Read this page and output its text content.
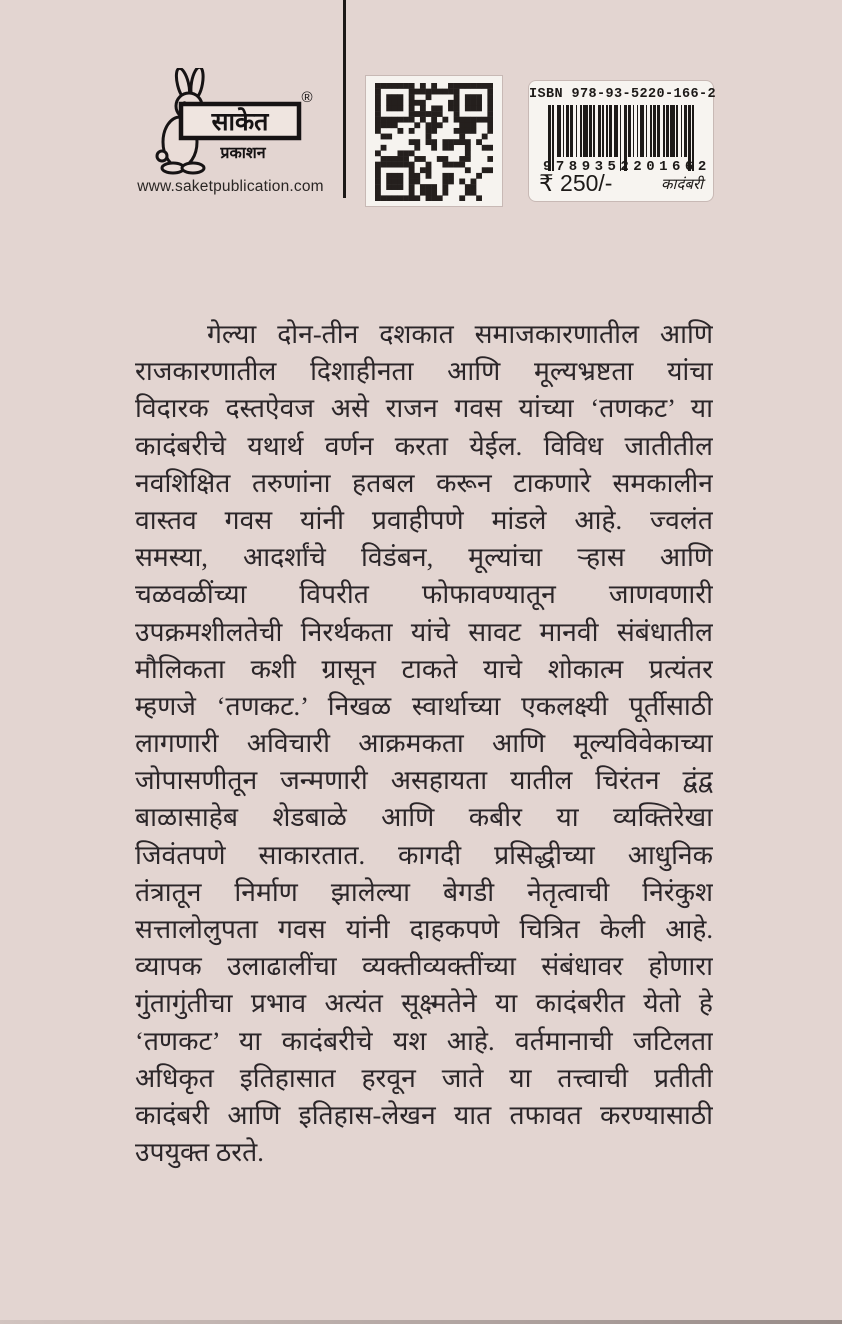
साकेत
®
प्रकाशन
www.saketpublication.com
ISBN 978-93-5220-166-2
9789352201662
₹ 250/-	कादंबरी
गेल्या दोन-तीन दशकात समाजकारणातील आणि
राजकारणातील दिशाहीनता आणि मूल्यभ्रष्टता यांचा
विदारक दस्तऐवज असे राजन गवस यांच्या ‘तणकट’ या
कादंबरीचे यथार्थ वर्णन करता येईल. विविध जातीतील
नवशिक्षित तरुणांना हतबल करून टाकणारे समकालीन
वास्तव गवस यांनी प्रवाहीपणे मांडले आहे. ज्वलंत
समस्या, आदर्शांचे विडंबन, मूल्यांचा ऱ्हास आणि
चळवळींच्या विपरीत फोफावण्यातून जाणवणारी
उपक्रमशीलतेची निरर्थकता यांचे सावट मानवी संबंधातील
मौलिकता कशी ग्रासून टाकते याचे शोकात्म प्रत्यंतर
म्हणजे ‘तणकट.’ निखळ स्वार्थाच्या एकलक्ष्यी पूर्तीसाठी
लागणारी अविचारी आक्रमकता आणि मूल्यविवेकाच्या
जोपासणीतून जन्मणारी असहायता यातील चिरंतन द्वंद्व
बाळासाहेब शेडबाळे आणि कबीर या व्यक्तिरेखा
जिवंतपणे साकारतात. कागदी प्रसिद्धीच्या आधुनिक
तंत्रातून निर्माण झालेल्या बेगडी नेतृत्वाची निरंकुश
सत्तालोलुपता गवस यांनी दाहकपणे चित्रित केली आहे.
व्यापक उलाढालींचा व्यक्तीव्यक्तींच्या संबंधावर होणारा
गुंतागुंतीचा प्रभाव अत्यंत सूक्ष्मतेने या कादंबरीत येतो हे
‘तणकट’ या कादंबरीचे यश आहे. वर्तमानाची जटिलता
अधिकृत इतिहासात हरवून जाते या तत्त्वाची प्रतीती
कादंबरी आणि इतिहास-लेखन यात तफावत करण्यासाठी
उपयुक्त ठरते.
